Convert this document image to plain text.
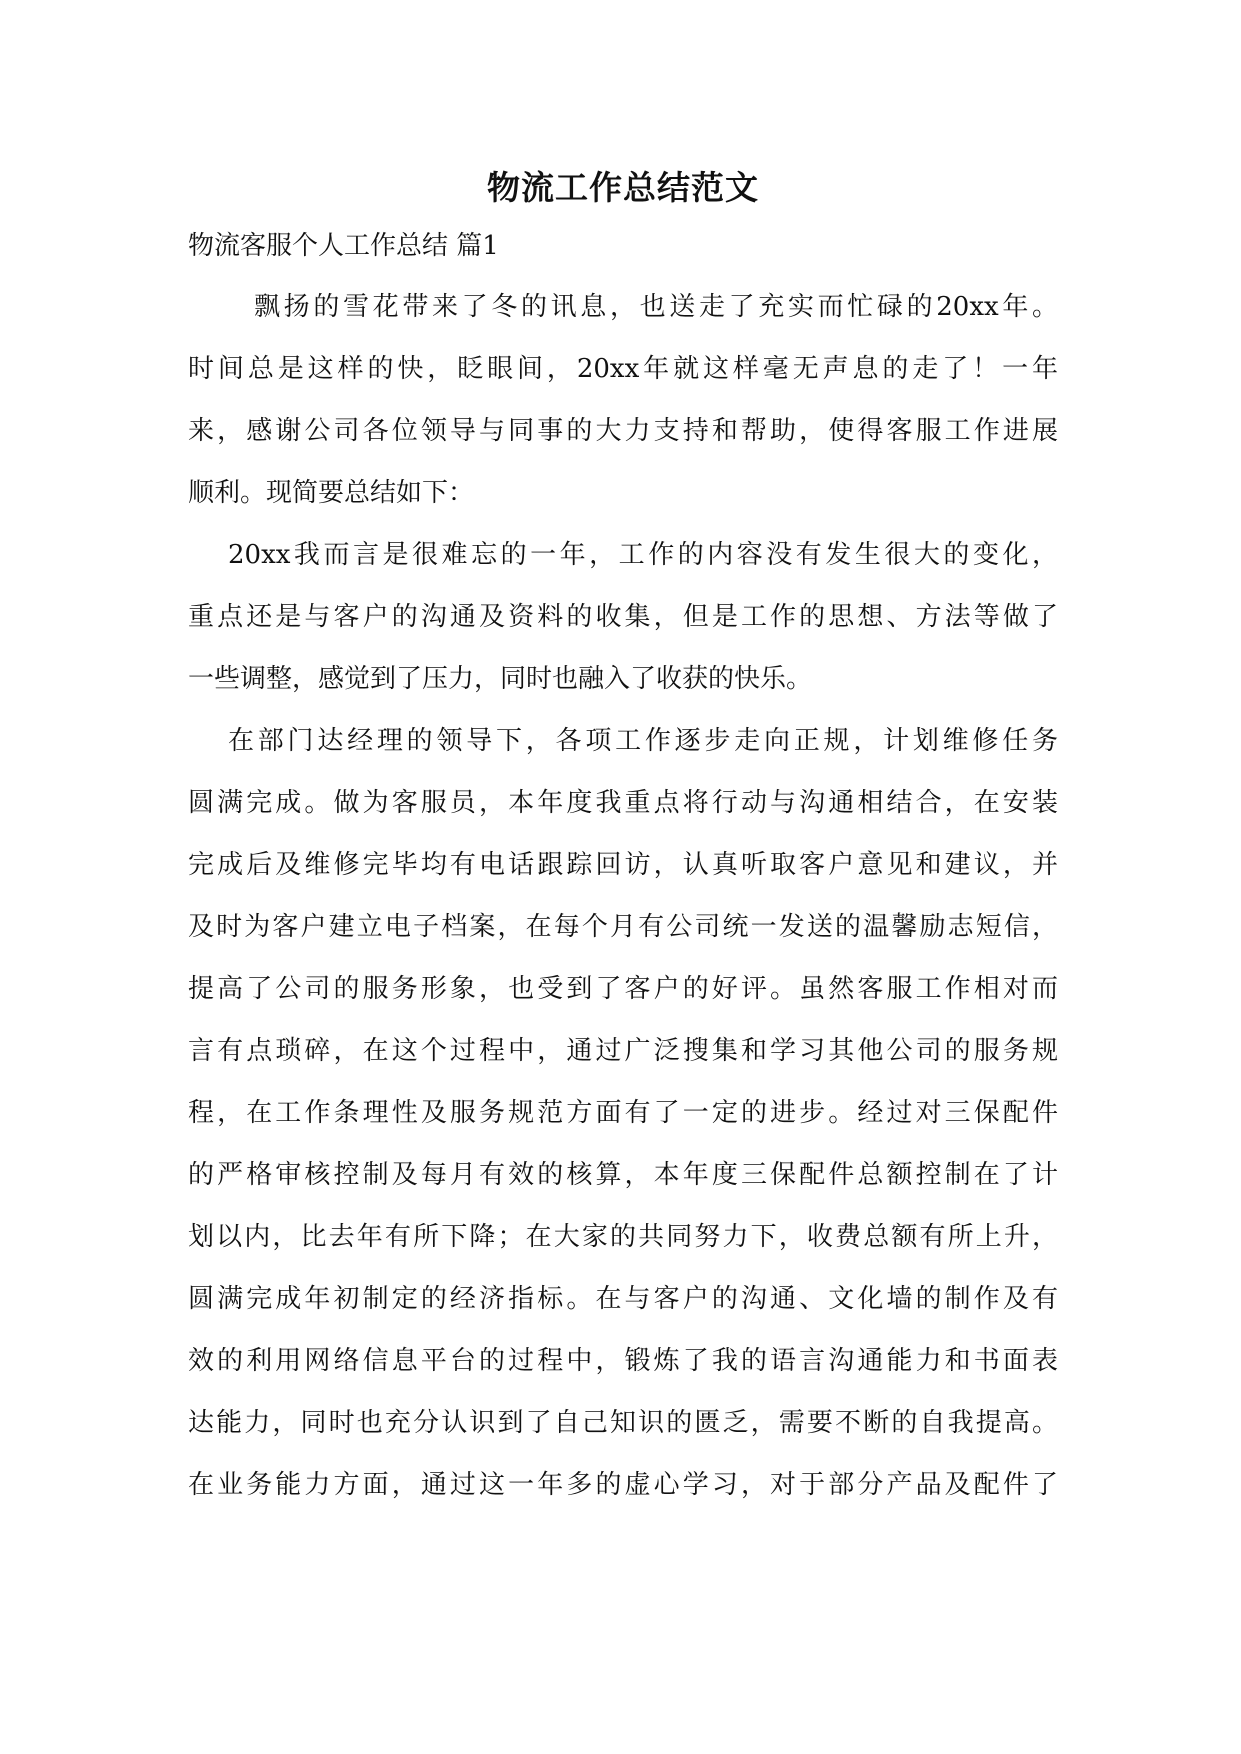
物流工作总结范文
物流客服个人工作总结 篇1
飘扬的雪花带来了冬的讯息，也送走了充实而忙碌的20xx年。
时间总是这样的快，眨眼间，20xx年就这样毫无声息的走了！一年
来，感谢公司各位领导与同事的大力支持和帮助，使得客服工作进展
顺利。现简要总结如下：
20xx我而言是很难忘的一年，工作的内容没有发生很大的变化，
重点还是与客户的沟通及资料的收集，但是工作的思想、方法等做了
一些调整，感觉到了压力，同时也融入了收获的快乐。
在部门达经理的领导下，各项工作逐步走向正规，计划维修任务
圆满完成。做为客服员，本年度我重点将行动与沟通相结合，在安装
完成后及维修完毕均有电话跟踪回访，认真听取客户意见和建议，并
及时为客户建立电子档案，在每个月有公司统一发送的温馨励志短信，
提高了公司的服务形象，也受到了客户的好评。虽然客服工作相对而
言有点琐碎，在这个过程中，通过广泛搜集和学习其他公司的服务规
程，在工作条理性及服务规范方面有了一定的进步。经过对三保配件
的严格审核控制及每月有效的核算，本年度三保配件总额控制在了计
划以内，比去年有所下降；在大家的共同努力下，收费总额有所上升，
圆满完成年初制定的经济指标。在与客户的沟通、文化墙的制作及有
效的利用网络信息平台的过程中，锻炼了我的语言沟通能力和书面表
达能力，同时也充分认识到了自己知识的匮乏，需要不断的自我提高。
在业务能力方面，通过这一年多的虚心学习，对于部分产品及配件了
